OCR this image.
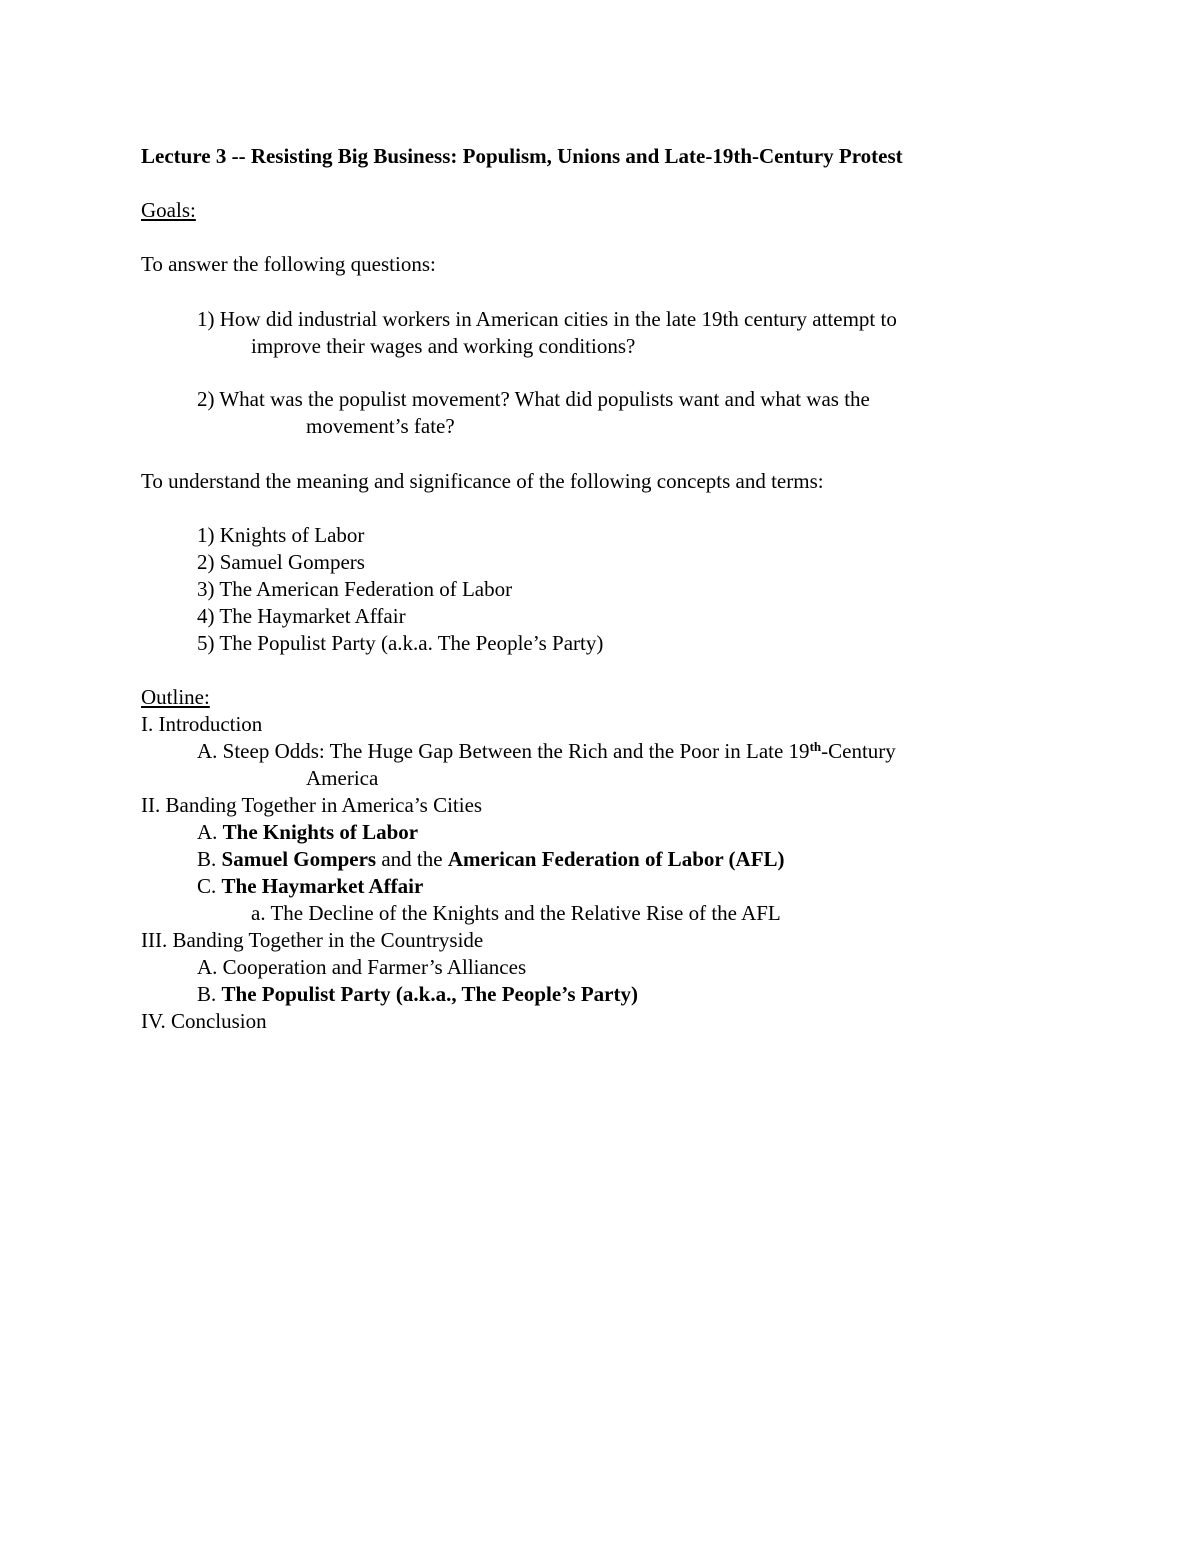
Lecture 3 -- Resisting Big Business: Populism, Unions and Late-19th-Century Protest
Goals:
To answer the following questions:
1) How did industrial workers in American cities in the late 19th century attempt to
improve their wages and working conditions?
2) What was the populist movement? What did populists want and what was the
movement’s fate?
To understand the meaning and significance of the following concepts and terms:
1) Knights of Labor
2) Samuel Gompers
3) The American Federation of Labor
4) The Haymarket Affair
5) The Populist Party (a.k.a. The People’s Party)
Outline:
I. Introduction
A. Steep Odds: The Huge Gap Between the Rich and the Poor in Late 19th-Century
America
II. Banding Together in America’s Cities
A. The Knights of Labor
B. Samuel Gompers and the American Federation of Labor (AFL)
C. The Haymarket Affair
a. The Decline of the Knights and the Relative Rise of the AFL
III. Banding Together in the Countryside
A. Cooperation and Farmer’s Alliances
B. The Populist Party (a.k.a., The People’s Party)
IV. Conclusion
